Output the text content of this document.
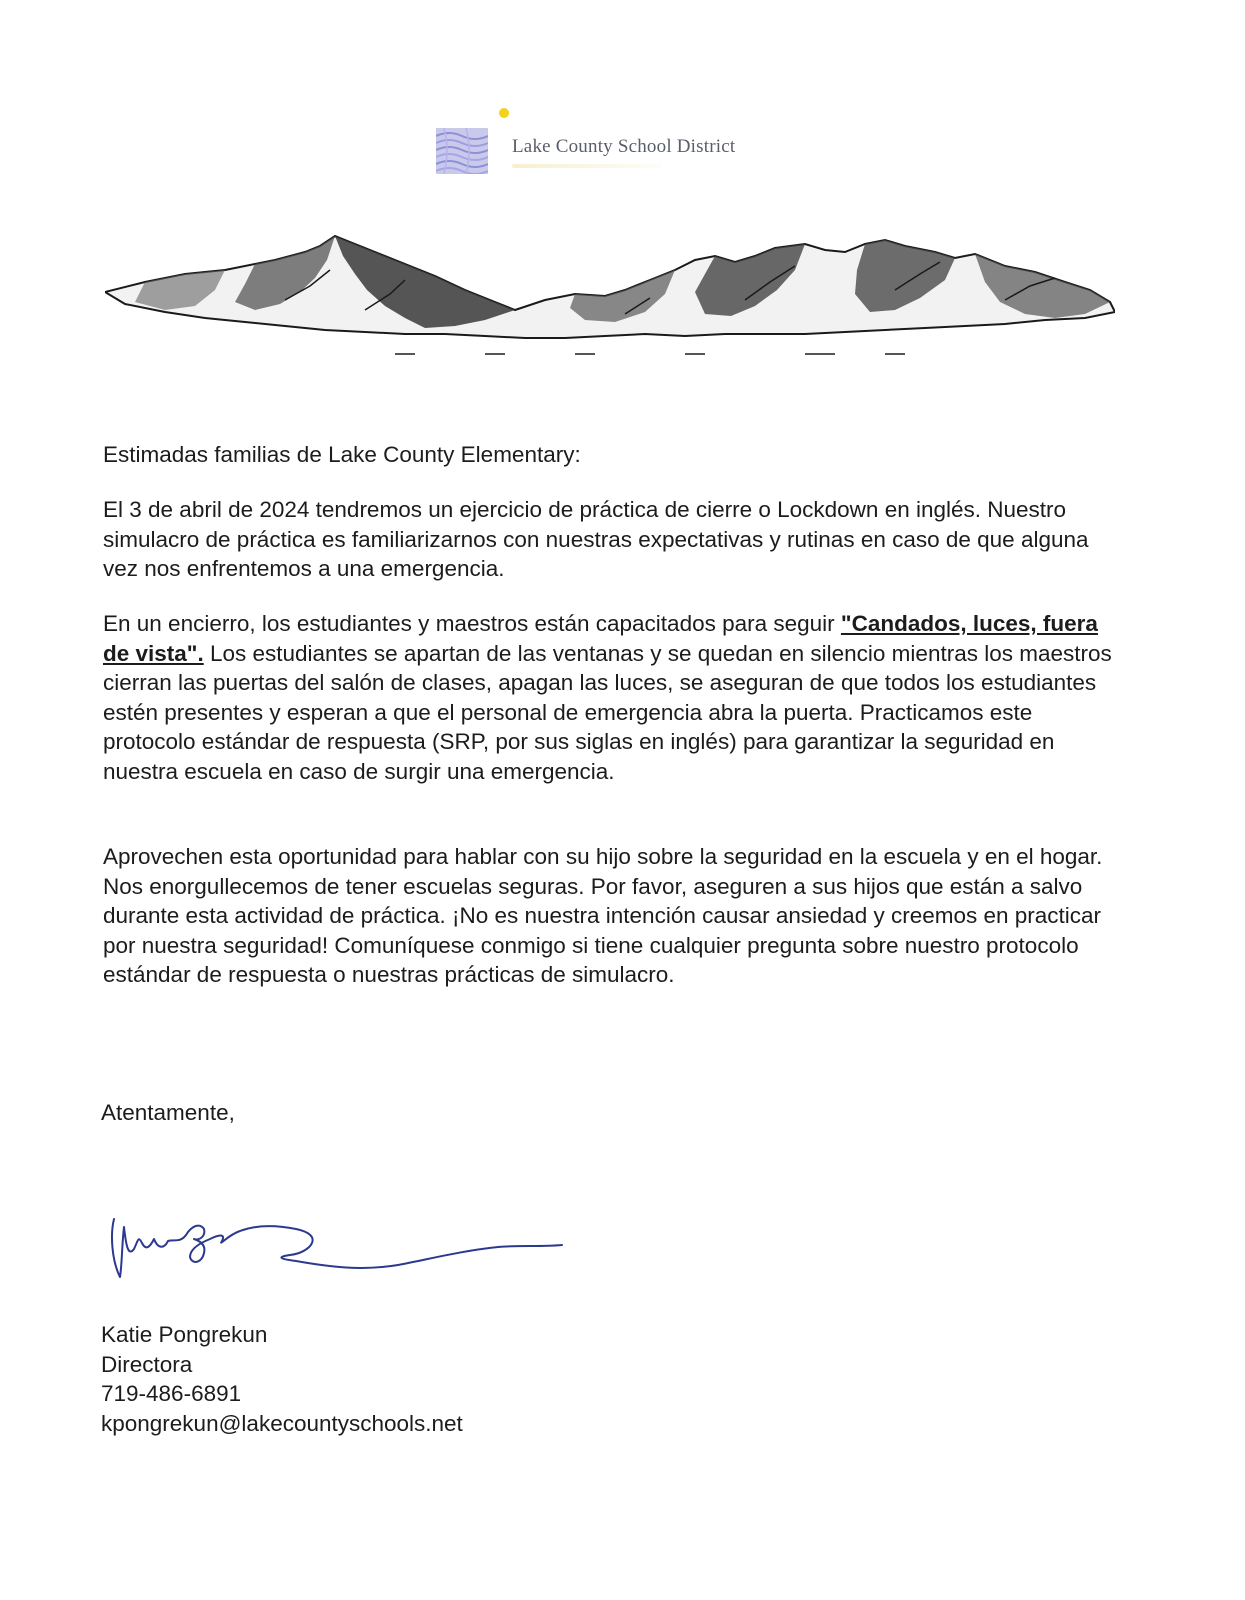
Lake County School District
Estimadas familias de Lake County Elementary:
El 3 de abril de 2024 tendremos un ejercicio de práctica de cierre o Lockdown en inglés. Nuestro simulacro de práctica es familiarizarnos con nuestras expectativas y rutinas en caso de que alguna vez nos enfrentemos a una emergencia.
En un encierro, los estudiantes y maestros están capacitados para seguir "Candados, luces, fuera de vista". Los estudiantes se apartan de las ventanas y se quedan en silencio mientras los maestros cierran las puertas del salón de clases, apagan las luces, se aseguran de que todos los estudiantes estén presentes y esperan a que el personal de emergencia abra la puerta. Practicamos este protocolo estándar de respuesta (SRP, por sus siglas en inglés) para garantizar la seguridad en nuestra escuela en caso de surgir una emergencia.
Aprovechen esta oportunidad para hablar con su hijo sobre la seguridad en la escuela y en el hogar. Nos enorgullecemos de tener escuelas seguras. Por favor, aseguren a sus hijos que están a salvo durante esta actividad de práctica. ¡No es nuestra intención causar ansiedad y creemos en practicar por nuestra seguridad! Comuníquese conmigo si tiene cualquier pregunta sobre nuestro protocolo estándar de respuesta o nuestras prácticas de simulacro.
Atentamente,
Katie Pongrekun
Directora
719-486-6891
kpongrekun@lakecountyschools.net
